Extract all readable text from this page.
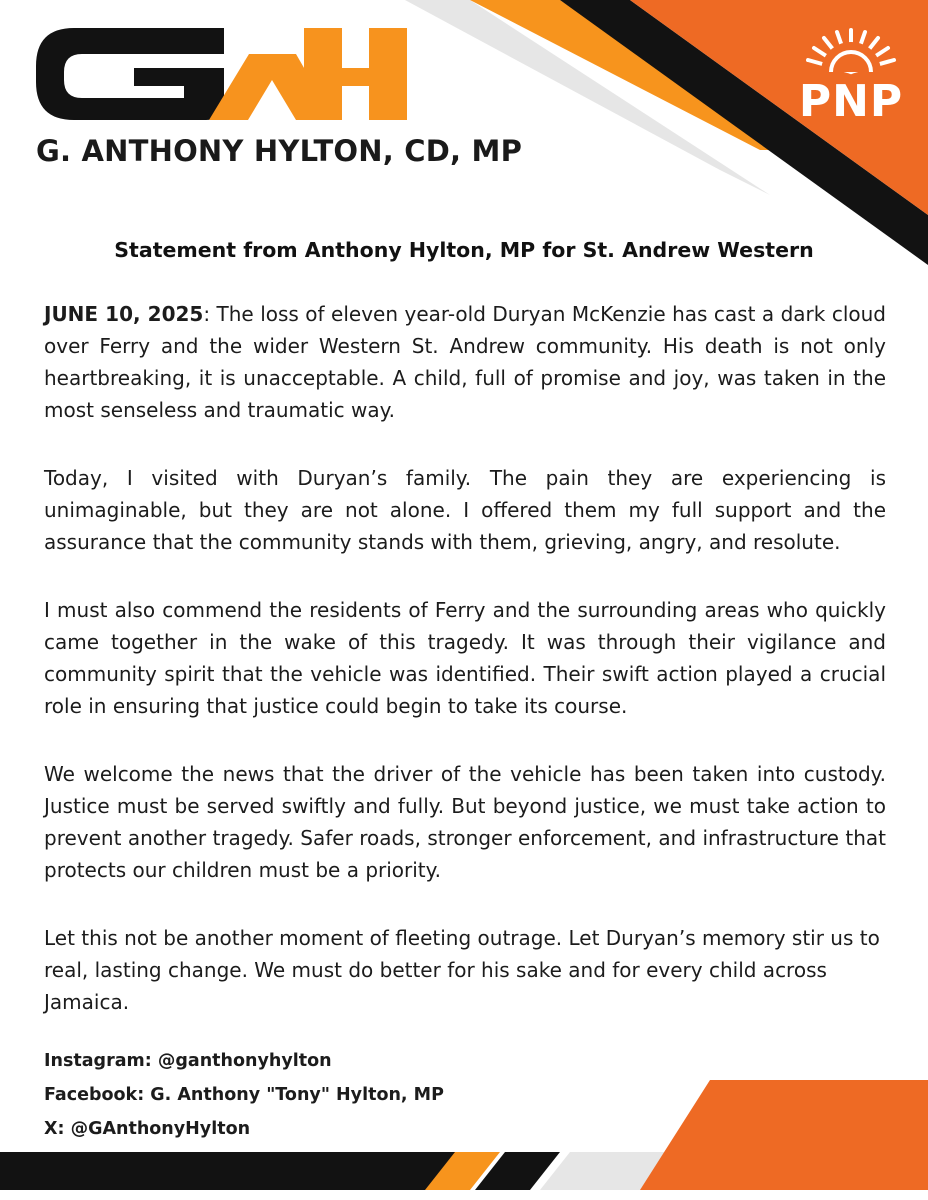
PNP
G. ANTHONY HYLTON, CD, MP
Statement from Anthony Hylton, MP for St. Andrew Western

JUNE 10, 2025: The loss of eleven year-old Duryan McKenzie has cast a dark cloud over Ferry and the wider Western St. Andrew community. His death is not only heartbreaking, it is unacceptable. A child, full of promise and joy, was taken in the most senseless and traumatic way.

Today, I visited with Duryan’s family. The pain they are experiencing is unimaginable, but they are not alone. I offered them my full support and the assurance that the community stands with them, grieving, angry, and resolute.

I must also commend the residents of Ferry and the surrounding areas who quickly came together in the wake of this tragedy. It was through their vigilance and community spirit that the vehicle was identified. Their swift action played a crucial role in ensuring that justice could begin to take its course.

We welcome the news that the driver of the vehicle has been taken into custody. Justice must be served swiftly and fully. But beyond justice, we must take action to prevent another tragedy. Safer roads, stronger enforcement, and infrastructure that protects our children must be a priority.

Let this not be another moment of fleeting outrage. Let Duryan’s memory stir us to real, lasting change. We must do better for his sake and for every child across Jamaica.

Instagram: @ganthonyhylton
Facebook: G. Anthony "Tony" Hylton, MP
X: @GAnthonyHylton
